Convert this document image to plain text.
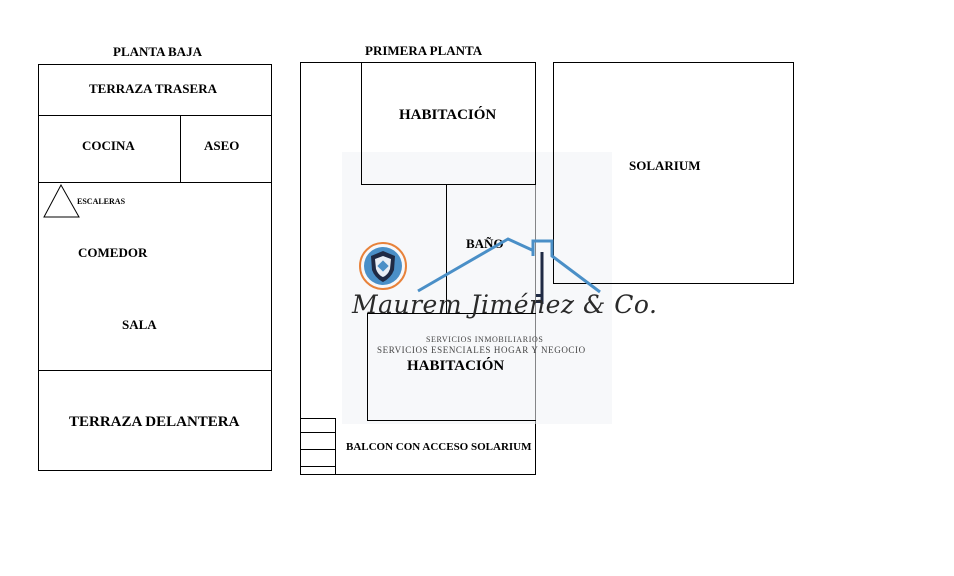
PLANTA BAJA
TERRAZA TRASERA
COCINA	ASEO
ESCALERAS
COMEDOR
SALA
TERRAZA DELANTERA
PRIMERA PLANTA
HABITACIÓN
BAÑO
HABITACIÓN
BALCON CON ACCESO SOLARIUM
SOLARIUM
Maurem Jiménez & Co.
SERVICIOS INMOBILIARIOS
SERVICIOS ESENCIALES HOGAR Y NEGOCIO
